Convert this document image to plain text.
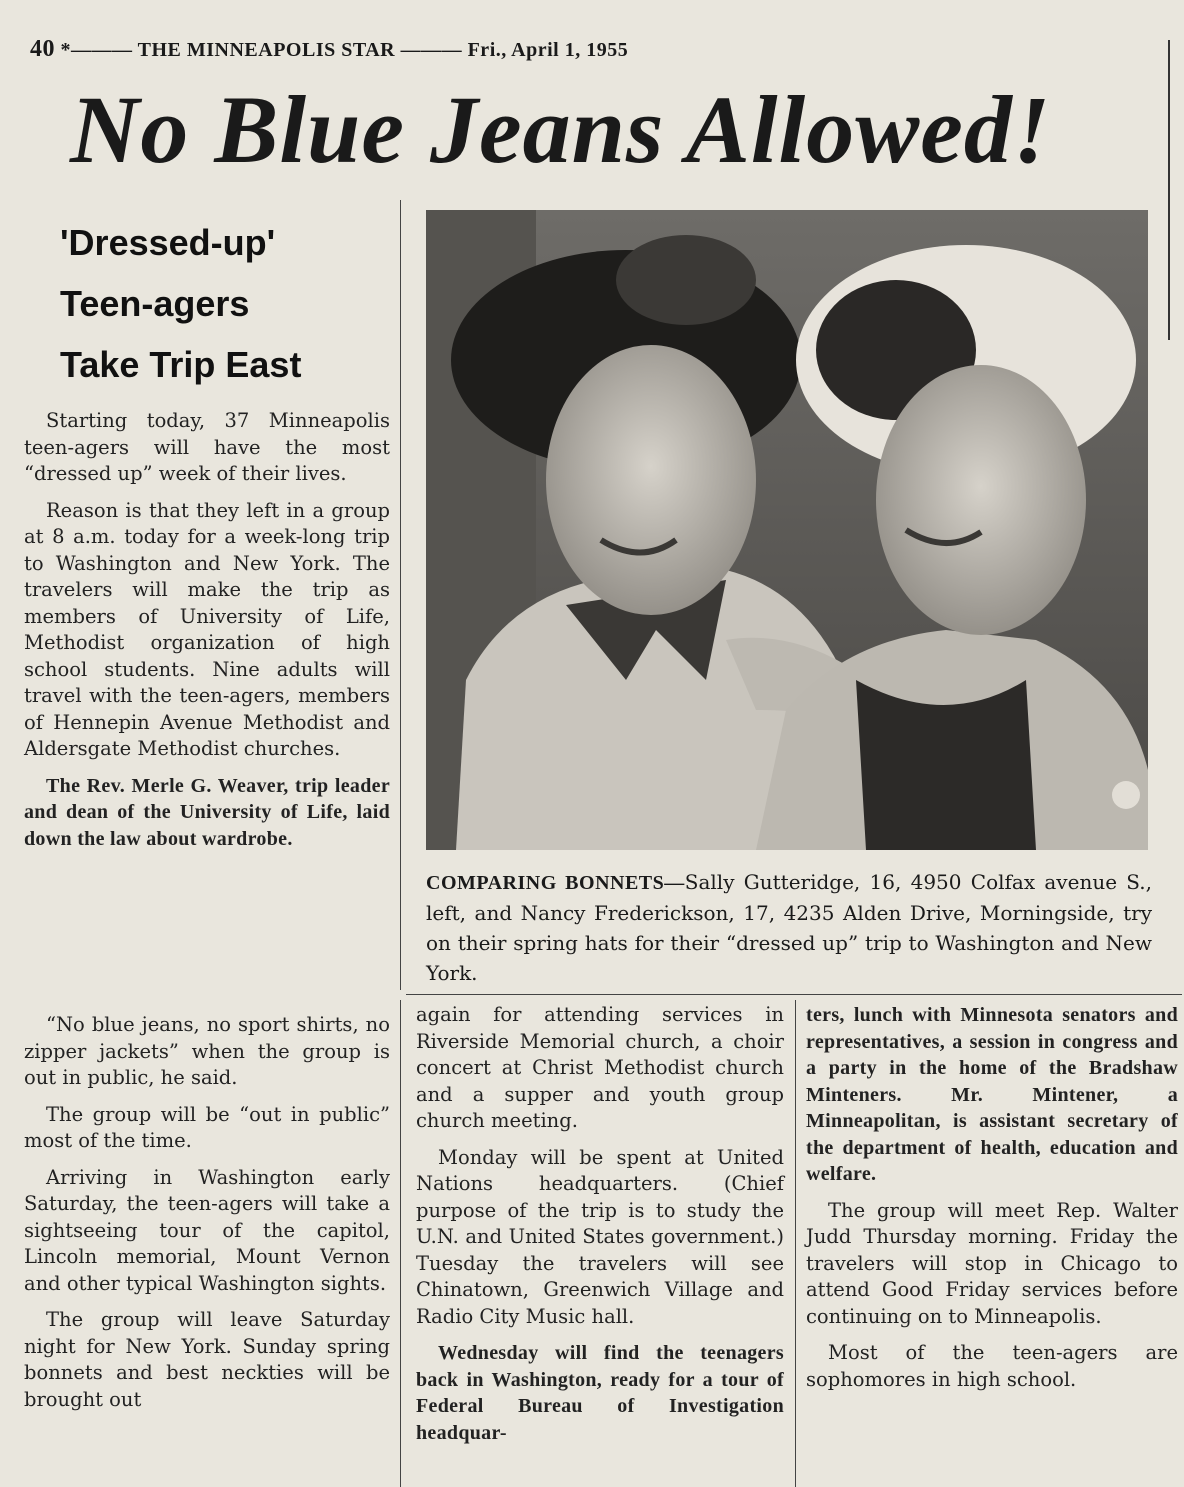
40 *——— THE MINNEAPOLIS STAR ——— Fri., April 1, 1955
No Blue Jeans Allowed!
'Dressed-up'
Teen-agers
Take Trip East
COMPARING BONNETS—Sally Gutteridge, 16, 4950 Colfax avenue S., left, and Nancy Frederickson, 17, 4235 Alden Drive, Morningside, try on their spring hats for their “dressed up” trip to Washington and New York.

Starting today, 37 Minneapolis teen-agers will have the most “dressed up” week of their lives.

Reason is that they left in a group at 8 a.m. today for a week-long trip to Washington and New York. The travelers will make the trip as members of University of Life, Methodist organization of high school students. Nine adults will travel with the teen-agers, members of Hennepin Avenue Methodist and Aldersgate Methodist churches.

The Rev. Merle G. Weaver, trip leader and dean of the University of Life, laid down the law about wardrobe.

“No blue jeans, no sport shirts, no zipper jackets” when the group is out in public, he said.

The group will be “out in public” most of the time.

Arriving in Washington early Saturday, the teen-agers will take a sightseeing tour of the capitol, Lincoln memorial, Mount Vernon and other typical Washington sights.

The group will leave Saturday night for New York. Sunday spring bonnets and best neckties will be brought out

again for attending services in Riverside Memorial church, a choir concert at Christ Methodist church and a supper and youth group church meeting.

Monday will be spent at United Nations headquarters. (Chief purpose of the trip is to study the U.N. and United States government.) Tuesday the travelers will see Chinatown, Greenwich Village and Radio City Music hall.

Wednesday will find the teenagers back in Washington, ready for a tour of Federal Bureau of Investigation headquar-

ters, lunch with Minnesota senators and representatives, a session in congress and a party in the home of the Bradshaw Minteners. Mr. Mintener, a Minneapolitan, is assistant secretary of the department of health, education and welfare.

The group will meet Rep. Walter Judd Thursday morning. Friday the travelers will stop in Chicago to attend Good Friday services before continuing on to Minneapolis.

Most of the teen-agers are sophomores in high school.
